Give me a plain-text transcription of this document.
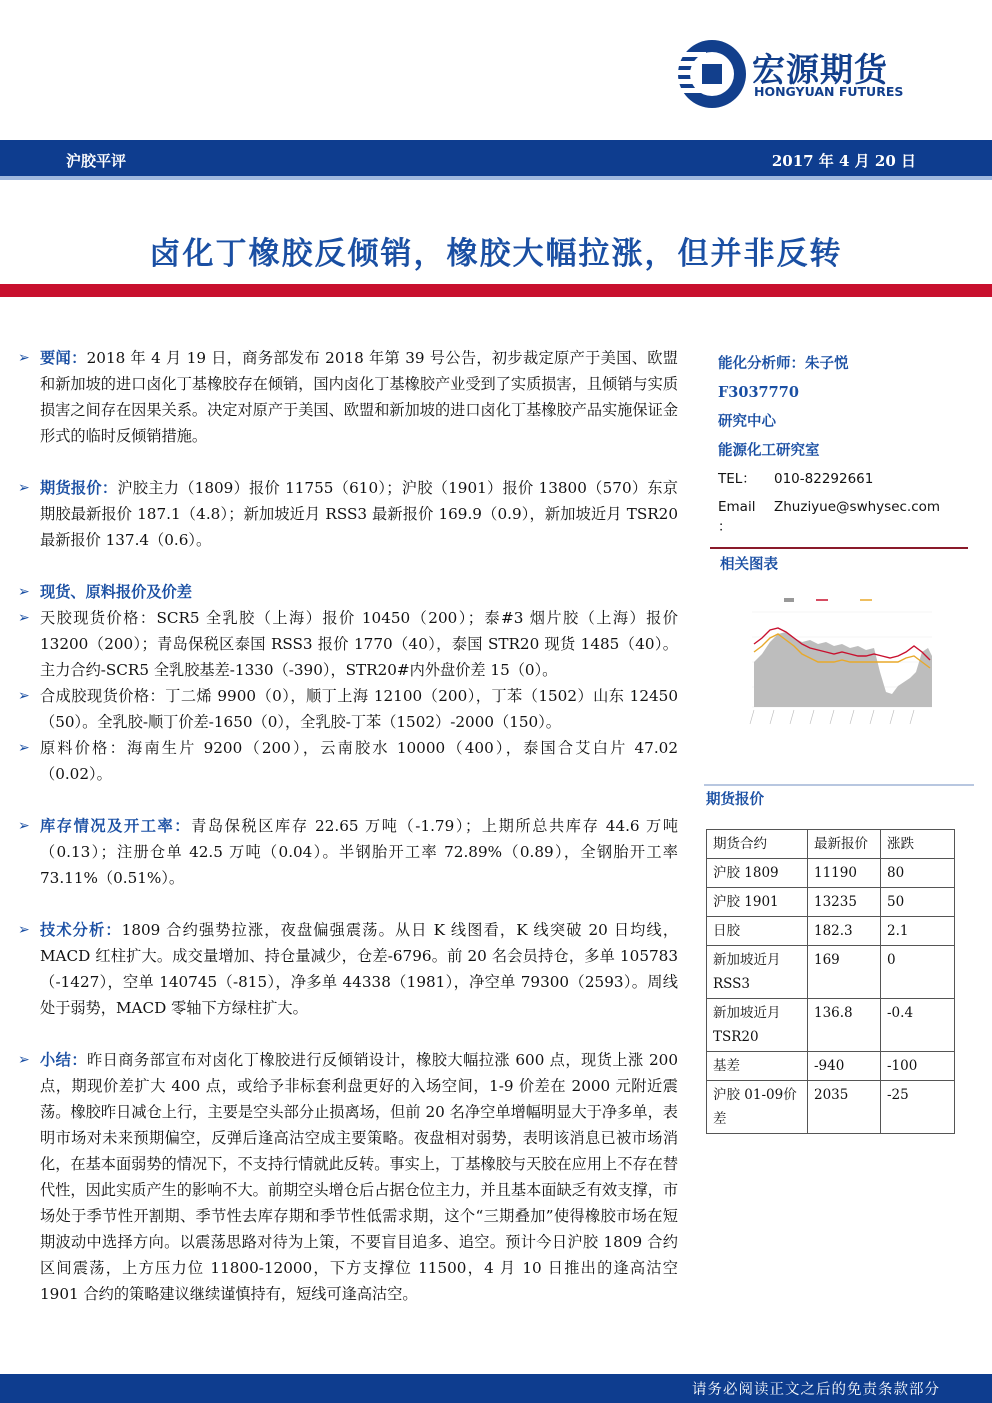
宏源期货
HONGYUAN FUTURES
沪胶平评	2017 年 4 月 20 日
卤化丁橡胶反倾销，橡胶大幅拉涨，但并非反转
➢ 要闻：2018 年 4 月 19 日，商务部发布 2018 年第 39 号公告，初步裁定原产于美国、欧盟和新加坡的进口卤化丁基橡胶存在倾销，国内卤化丁基橡胶产业受到了实质损害，且倾销与实质损害之间存在因果关系。决定对原产于美国、欧盟和新加坡的进口卤化丁基橡胶产品实施保证金形式的临时反倾销措施。
➢ 期货报价：沪胶主力（1809）报价 11755（610）；沪胶（1901）报价 13800（570）东京期胶最新报价 187.1（4.8）；新加坡近月 RSS3 最新报价 169.9（0.9），新加坡近月 TSR20 最新报价 137.4（0.6）。
➢ 现货、原料报价及价差
➢ 天胶现货价格：SCR5 全乳胶（上海）报价 10450（200）；泰#3 烟片胶（上海）报价 13200（200）；青岛保税区泰国 RSS3 报价 1770（40），泰国 STR20 现货 1485（40）。主力合约-SCR5 全乳胶基差-1330（-390），STR20#内外盘价差 15（0）。
➢ 合成胶现货价格：丁二烯 9900（0），顺丁上海 12100（200），丁苯（1502）山东 12450（50）。全乳胶-顺丁价差-1650（0），全乳胶-丁苯（1502）-2000（150）。
➢ 原料价格：海南生片 9200（200），云南胶水 10000（400），泰国合艾白片 47.02（0.02）。
➢ 库存情况及开工率：青岛保税区库存 22.65 万吨（-1.79）；上期所总共库存 44.6 万吨（0.13）；注册仓单 42.5 万吨（0.04）。半钢胎开工率 72.89%（0.89），全钢胎开工率 73.11%（0.51%）。
➢ 技术分析：1809 合约强势拉涨，夜盘偏强震荡。从日 K 线图看，K 线突破 20 日均线，MACD 红柱扩大。成交量增加、持仓量减少，仓差-6796。前 20 名会员持仓，多单 105783（-1427），空单 140745（-815），净多单 44338（1981），净空单 79300（2593）。周线处于弱势，MACD 零轴下方绿柱扩大。
➢ 小结：昨日商务部宣布对卤化丁橡胶进行反倾销设计，橡胶大幅拉涨 600 点，现货上涨 200 点，期现价差扩大 400 点，或给予非标套利盘更好的入场空间，1-9 价差在 2000 元附近震荡。橡胶昨日减仓上行，主要是空头部分止损离场，但前 20 名净空单增幅明显大于净多单，表明市场对未来预期偏空，反弹后逢高沽空成主要策略。夜盘相对弱势，表明该消息已被市场消化，在基本面弱势的情况下，不支持行情就此反转。事实上，丁基橡胶与天胶在应用上不存在替代性，因此实质产生的影响不大。前期空头增仓后占据仓位主力，并且基本面缺乏有效支撑，市场处于季节性开割期、季节性去库存期和季节性低需求期，这个“三期叠加”使得橡胶市场在短期波动中选择方向。以震荡思路对待为上策，不要盲目追多、追空。预计今日沪胶 1809 合约区间震荡，上方压力位 11800-12000，下方支撑位 11500，4 月 10 日推出的逢高沽空 1901 合约的策略建议继续谨慎持有，短线可逢高沽空。
能化分析师：朱子悦
F3037770
研究中心
能源化工研究室
TEL： 010-82292661
Email Zhuziyue@swhysec.com
：
相关图表
期货报价
期货合约	最新报价	涨跌
沪胶 1809	11190	80
沪胶 1901	13235	50
日胶	182.3	2.1
新加坡近月RSS3	169	0
新加坡近月TSR20	136.8	-0.4
基差	-940	-100
沪胶 01-09价差	2035	-25
请务必阅读正文之后的免责条款部分
